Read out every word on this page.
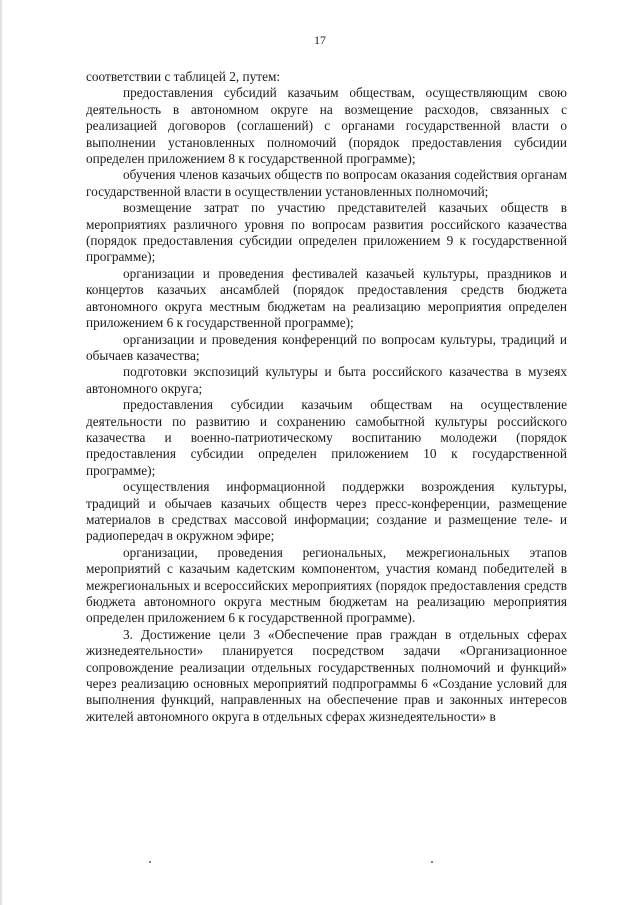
17

соответствии с таблицей 2, путем:

предоставления субсидий казачьим обществам, осуществляющим свою деятельность в автономном округе на возмещение расходов, связанных с реализацией договоров (соглашений) с органами государственной власти о выполнении установленных полномочий (порядок предоставления субсидии определен приложением 8 к государственной программе);

обучения членов казачьих обществ по вопросам оказания содействия органам государственной власти в осуществлении установленных полномочий;

возмещение затрат по участию представителей казачьих обществ в мероприятиях различного уровня по вопросам развития российского казачества (порядок предоставления субсидии определен приложением 9 к государственной программе);

организации и проведения фестивалей казачьей культуры, праздников и концертов казачьих ансамблей (порядок предоставления средств бюджета автономного округа местным бюджетам на реализацию мероприятия определен приложением 6 к государственной программе);

организации и проведения конференций по вопросам культуры, традиций и обычаев казачества;

подготовки экспозиций культуры и быта российского казачества в музеях автономного округа;

предоставления субсидии казачьим обществам на осуществление деятельности по развитию и сохранению самобытной культуры российского казачества и военно-патриотическому воспитанию молодежи (порядок предоставления субсидии определен приложением 10 к государственной программе);

осуществления информационной поддержки возрождения культуры, традиций и обычаев казачьих обществ через пресс-конференции, размещение материалов в средствах массовой информации; создание и размещение теле- и радиопередач в окружном эфире;

организации, проведения региональных, межрегиональных этапов мероприятий с казачьим кадетским компонентом, участия команд победителей в межрегиональных и всероссийских мероприятиях (порядок предоставления средств бюджета автономного округа местным бюджетам на реализацию мероприятия определен приложением 6 к государственной программе).

3. Достижение цели 3 «Обеспечение прав граждан в отдельных сферах жизнедеятельности» планируется посредством задачи «Организационное сопровождение реализации отдельных государственных полномочий и функций» через реализацию основных мероприятий подпрограммы 6 «Создание условий для выполнения функций, направленных на обеспечение прав и законных интересов жителей автономного округа в отдельных сферах жизнедеятельности» в
